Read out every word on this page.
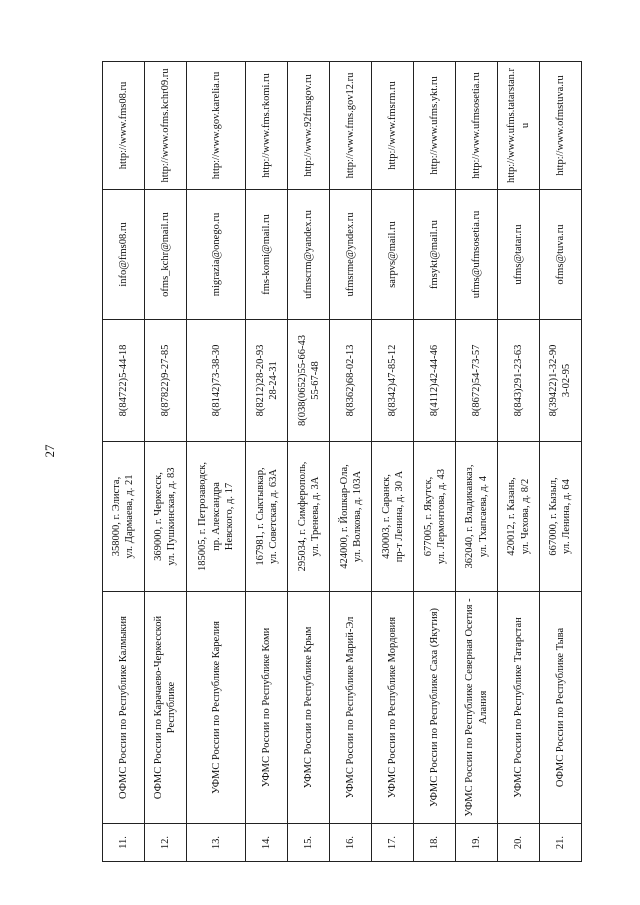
27
11.	ОФМС России по Республике Калмыкия	358000, г. Элиста, ул. Дармаева, д. 21	8(84722)5-44-18	info@fms08.ru	http://www.fms08.ru
12.	ОФМС России по Карачаево-Черкесской Республике	369000, г. Черкесск, ул. Пушкинская, д. 83	8(87822)9-27-85	ofms_kchr@mail.ru	http://www.ofms.kchr09.ru
13.	УФМС России по Республике Карелия	185005, г. Петрозаводск, пр. Александра Невского, д. 17	8(8142)73-38-30	migrazia@onego.ru	http://www.gov.karelia.ru
14.	УФМС России по Республике Коми	167981, г. Сыктывкар, ул. Советская, д. 63А	8(8212)28-20-93 28-24-31	fms-komi@mail.ru	http://www.fms.rkomi.ru
15.	УФМС России по Республике Крым	295034, г. Симферополь, ул. Тренева, д. 3А	8(038(0652)55-66-43 55-67-48	ufmscrm@yandex.ru	http://www.92fmsgov.ru
16.	УФМС России по Республике Марий-Эл	424000, г. Йошкар-Ола, ул. Волкова, д. 103А	8(8362)68-02-13	ufmsrme@yndex.ru	http://www.fms.gov12.ru
17.	УФМС России по Республике Мордовия	430003, г. Саранск, пр-т Ленина, д. 30 А	8(8342)47-85-12	sarpvs@mail.ru	http://www.fmsrm.ru
18.	УФМС России по Республике Саха (Якутия)	677005, г. Якутск, ул. Лермонтова, д. 43	8(4112)42-44-46	fmsykt@mail.ru	http://www.ufms.ykt.ru
19.	УФМС России по Республике Северная Осетия - Алания	362040, г. Владикавказ, ул. Тхапсаева, д. 4	8(8672)54-73-57	ufms@ufmsosetia.ru	http://www.ufmsosetia.ru
20.	УФМС России по Республике Татарстан	420012, г. Казань, ул. Чехова, д. 8/2	8(843)291-23-63	ufms@tatar.ru	http://www.ufms.tatarstan.ru
21.	ОФМС России по Республике Тыва	667000, г. Кызыл, ул. Ленина, д. 64	8(39422)1-32-90 3-02-95	ofms@tuva.ru	http://www.ofmstuva.ru
